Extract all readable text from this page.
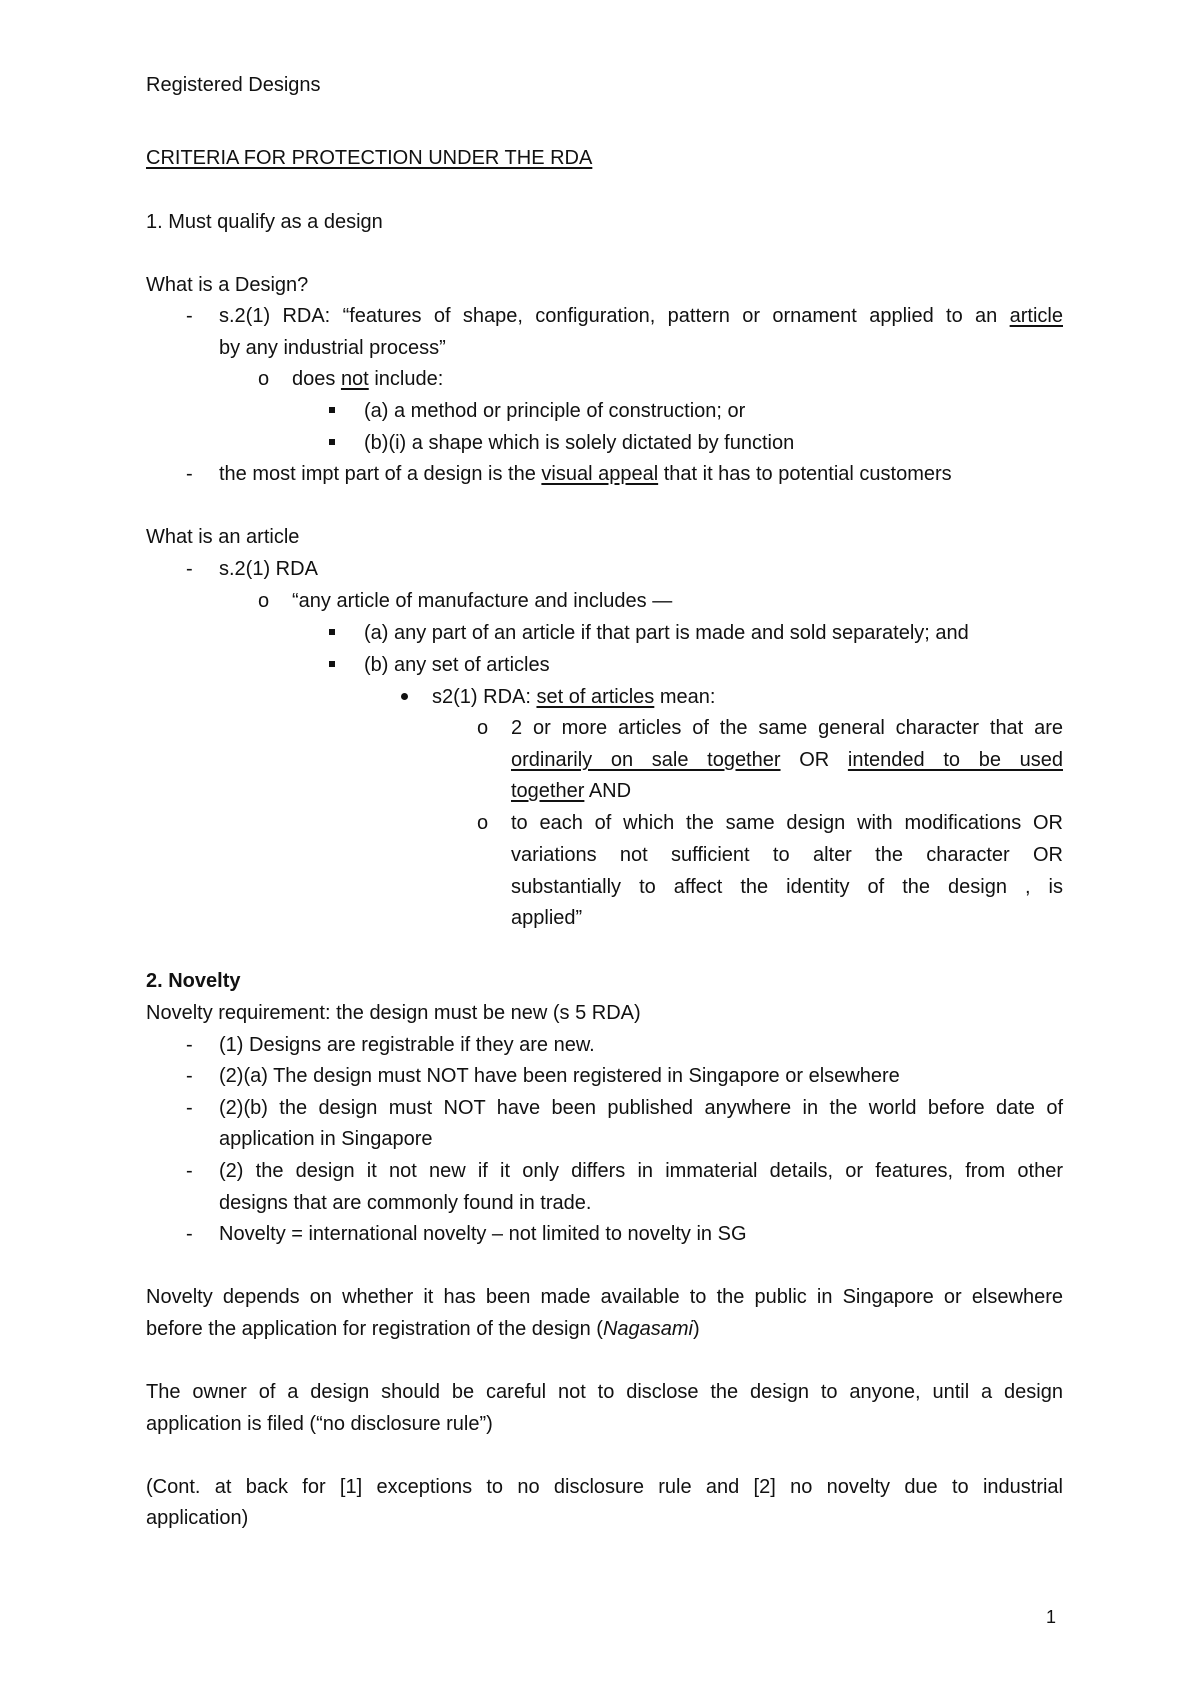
Registered Designs

CRITERIA FOR PROTECTION UNDER THE RDA

1. Must qualify as a design

What is a Design?

-	s.2(1) RDA: “features of shape, configuration, pattern or ornament applied to an article

by any industrial process”

o	does not include:

(a) a method or principle of construction; or

(b)(i) a shape which is solely dictated by function

-	the most impt part of a design is the visual appeal that it has to potential customers

What is an article

-	s.2(1) RDA

o	“any article of manufacture and includes —

(a) any part of an article if that part is made and sold separately; and

(b) any set of articles

s2(1) RDA: set of articles mean:

o	2 or more articles of the same general character that are

ordinarily on sale together OR intended to be used

together AND

o	to each of which the same design with modifications OR

variations not sufficient to alter the character OR

substantially to affect the identity of the design , is

applied”

2. Novelty

Novelty requirement: the design must be new (s 5 RDA)

-	(1) Designs are registrable if they are new.

-	(2)(a) The design must NOT have been registered in Singapore or elsewhere

-	(2)(b) the design must NOT have been published anywhere in the world before date of

application in Singapore

-	(2) the design it not new if it only differs in immaterial details, or features, from other

designs that are commonly found in trade.

-	Novelty = international novelty – not limited to novelty in SG

Novelty depends on whether it has been made available to the public in Singapore or elsewhere

before the application for registration of the design (Nagasami)

The owner of a design should be careful not to disclose the design to anyone, until a design

application is filed (“no disclosure rule”)

(Cont. at back for [1] exceptions to no disclosure rule and [2] no novelty due to industrial

application)

1
